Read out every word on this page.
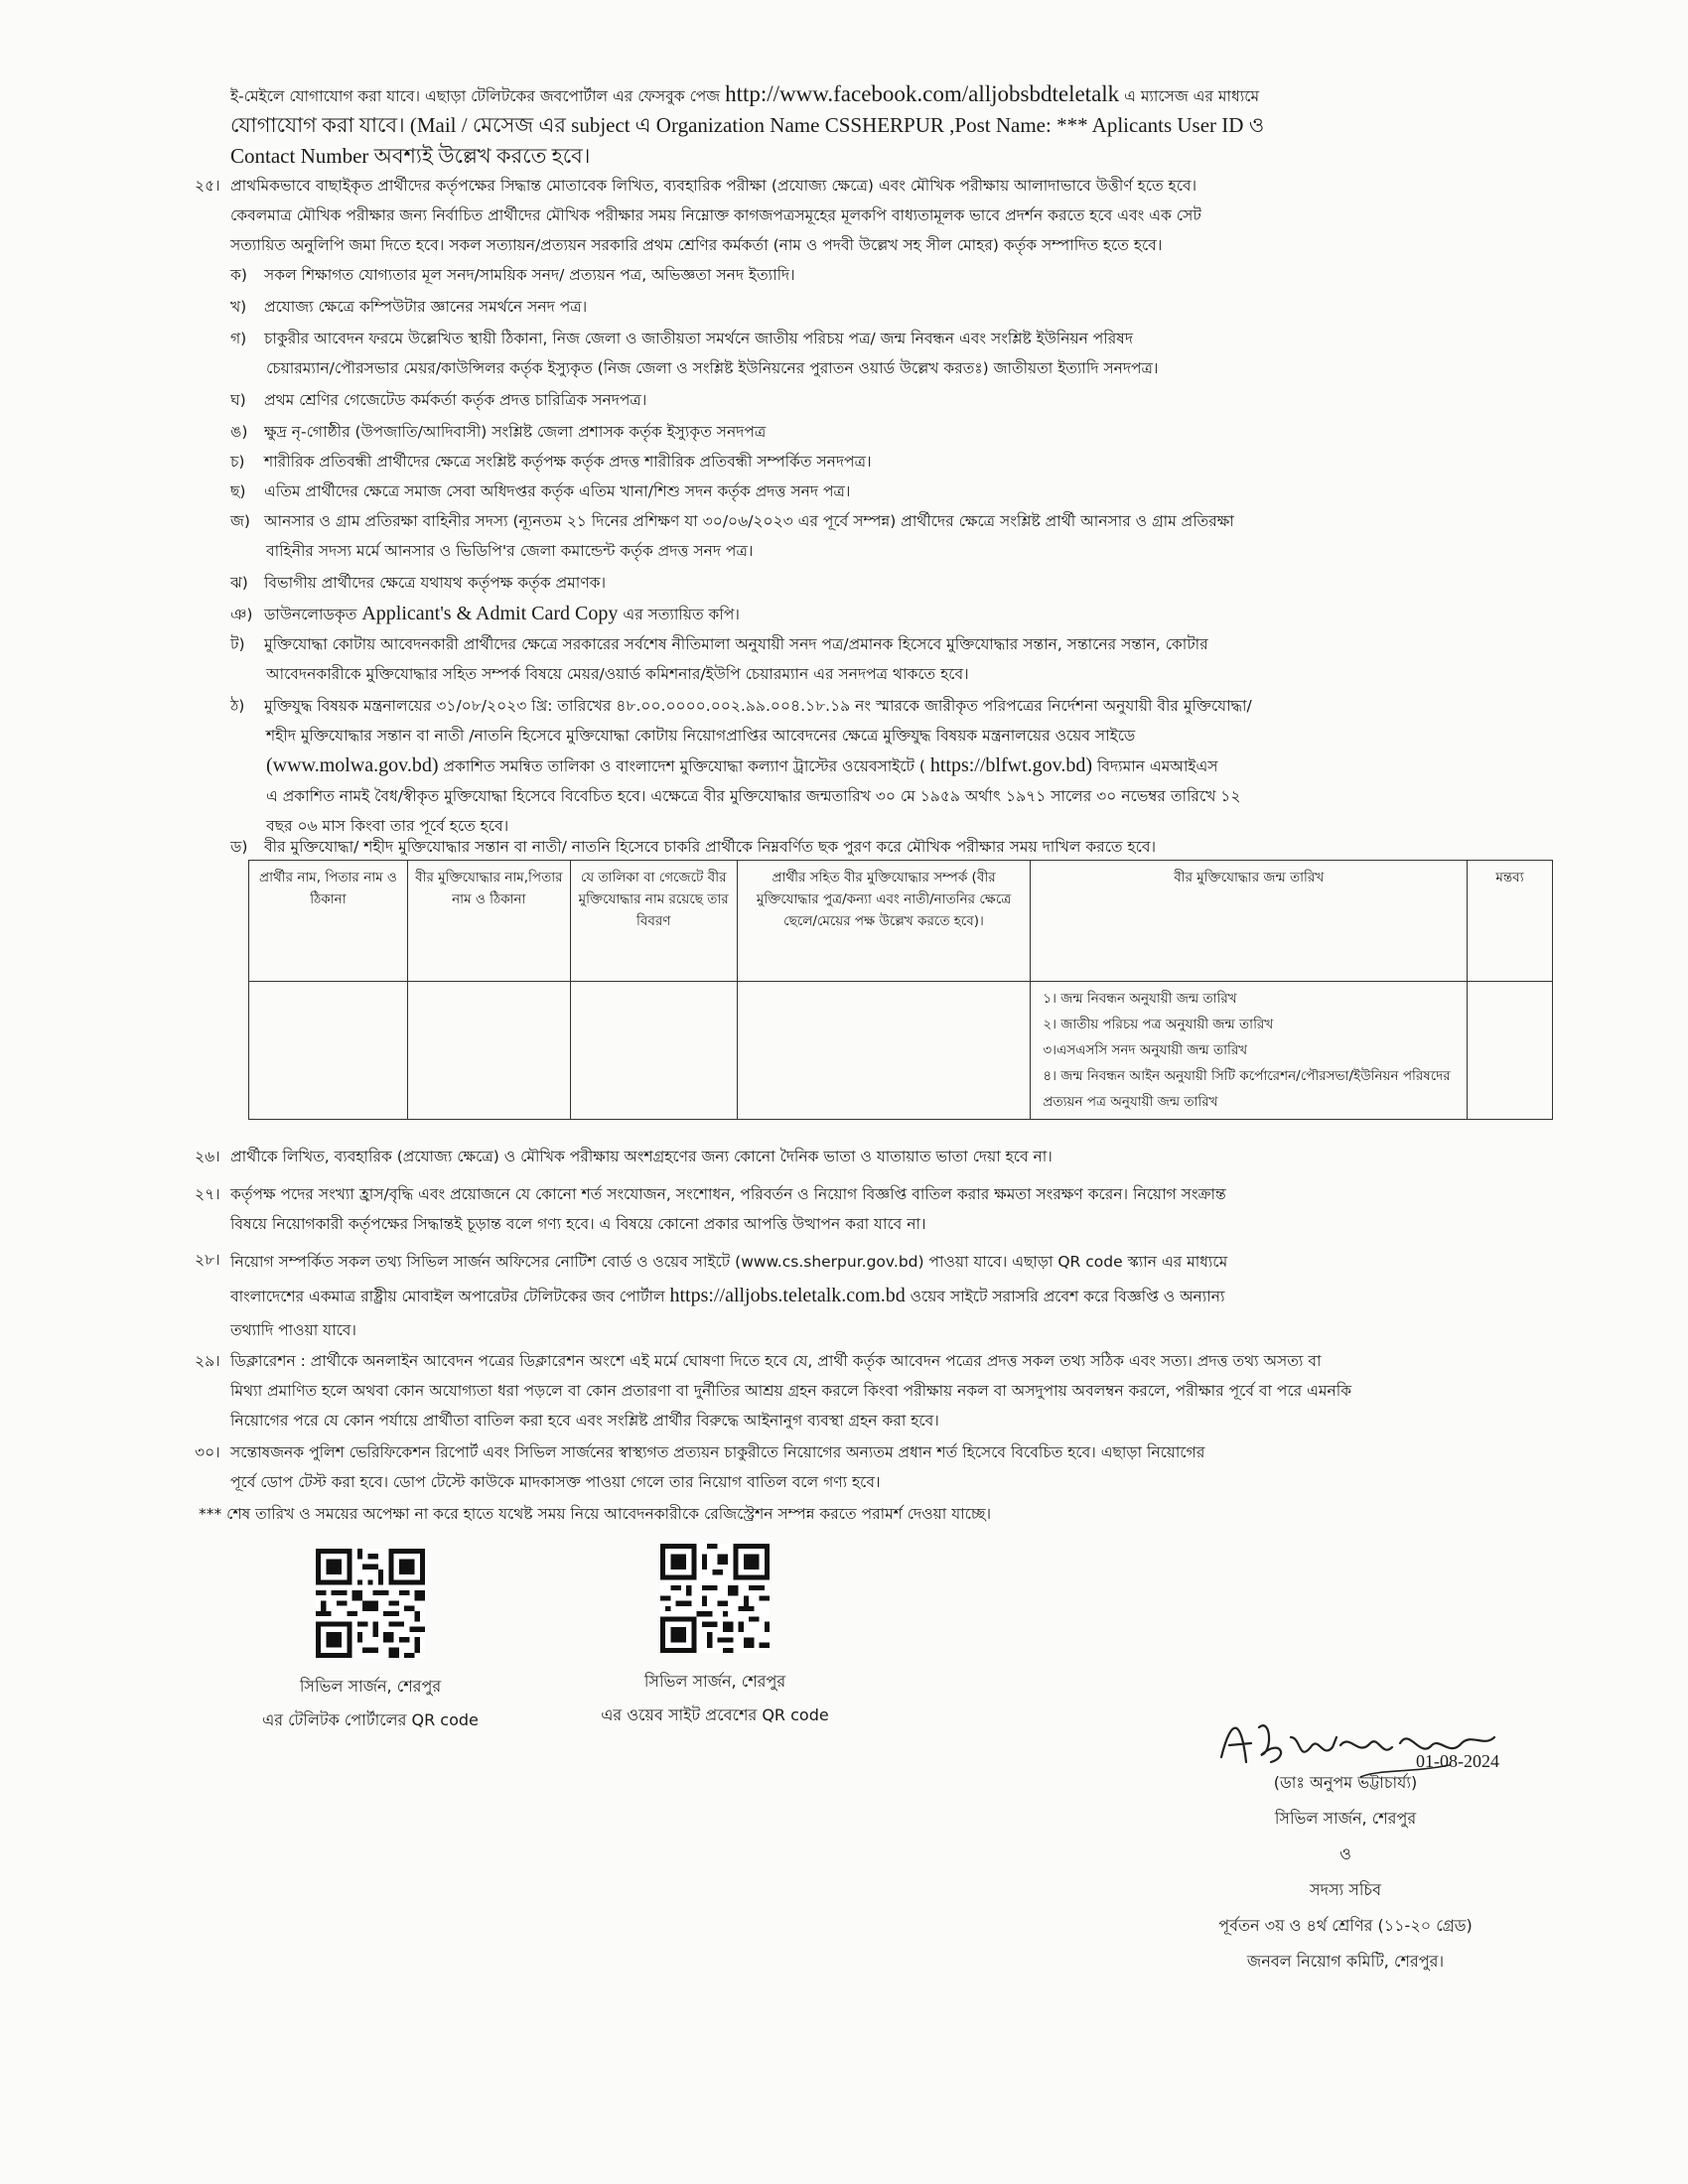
ই-মেইলে যোগাযোগ করা যাবে। এছাড়া টেলিটকের জবপোর্টাল এর ফেসবুক পেজ http://www.facebook.com/alljobsbdteletalk এ ম্যাসেজ এর মাধ্যমে
যোগাযোগ করা যাবে। (Mail / মেসেজ এর subject এ Organization Name CSSHERPUR ,Post Name: *** Aplicants User ID ও
Contact Number অবশ্যই উল্লেখ করতে হবে।
২৫। প্রাথমিকভাবে বাছাইকৃত প্রার্থীদের কর্তৃপক্ষের সিদ্ধান্ত মোতাবেক লিখিত, ব্যবহারিক পরীক্ষা (প্রযোজ্য ক্ষেত্রে) এবং মৌখিক পরীক্ষায় আলাদাভাবে উত্তীর্ণ হতে হবে।
কেবলমাত্র মৌখিক পরীক্ষার জন্য নির্বাচিত প্রার্থীদের মৌখিক পরীক্ষার সময় নিম্নোক্ত কাগজপত্রসমূহের মূলকপি বাধ্যতামূলক ভাবে প্রদর্শন করতে হবে এবং এক সেট
সত্যায়িত অনুলিপি জমা দিতে হবে। সকল সত্যায়ন/প্রত্যয়ন সরকারি প্রথম শ্রেণির কর্মকর্তা (নাম ও পদবী উল্লেখ সহ সীল মোহর) কর্তৃক সম্পাদিত হতে হবে।
ক) সকল শিক্ষাগত যোগ্যতার মূল সনদ/সাময়িক সনদ/ প্রত্যয়ন পত্র, অভিজ্ঞতা সনদ ইত্যাদি।
খ) প্রযোজ্য ক্ষেত্রে কম্পিউটার জ্ঞানের সমর্থনে সনদ পত্র।
গ) চাকুরীর আবেদন ফরমে উল্লেখিত স্থায়ী ঠিকানা, নিজ জেলা ও জাতীয়তা সমর্থনে জাতীয় পরিচয় পত্র/ জন্ম নিবন্ধন এবং সংশ্লিষ্ট ইউনিয়ন পরিষদ
চেয়ারম্যান/পৌরসভার মেয়র/কাউন্সিলর কর্তৃক ইস্যুকৃত (নিজ জেলা ও সংশ্লিষ্ট ইউনিয়নের পুরাতন ওয়ার্ড উল্লেখ করতঃ) জাতীয়তা ইত্যাদি সনদপত্র।
ঘ) প্রথম শ্রেণির গেজেটেড কর্মকর্তা কর্তৃক প্রদত্ত চারিত্রিক সনদপত্র।
ঙ) ক্ষুদ্র নৃ-গোষ্ঠীর (উপজাতি/আদিবাসী) সংশ্লিষ্ট জেলা প্রশাসক কর্তৃক ইস্যুকৃত সনদপত্র
চ) শারীরিক প্রতিবন্ধী প্রার্থীদের ক্ষেত্রে সংশ্লিষ্ট কর্তৃপক্ষ কর্তৃক প্রদত্ত শারীরিক প্রতিবন্ধী সম্পর্কিত সনদপত্র।
ছ) এতিম প্রার্থীদের ক্ষেত্রে সমাজ সেবা অধিদপ্তর কর্তৃক এতিম খানা/শিশু সদন কর্তৃক প্রদত্ত সনদ পত্র।
জ) আনসার ও গ্রাম প্রতিরক্ষা বাহিনীর সদস্য (ন্যূনতম ২১ দিনের প্রশিক্ষণ যা ৩০/০৬/২০২৩ এর পূর্বে সম্পন্ন) প্রার্থীদের ক্ষেত্রে সংশ্লিষ্ট প্রার্থী আনসার ও গ্রাম প্রতিরক্ষা
বাহিনীর সদস্য মর্মে আনসার ও ভিডিপি'র জেলা কমান্ডেন্ট কর্তৃক প্রদত্ত সনদ পত্র।
ঝ) বিভাগীয় প্রার্থীদের ক্ষেত্রে যথাযথ কর্তৃপক্ষ কর্তৃক প্রমাণক।
ঞ) ডাউনলোডকৃত Applicant's & Admit Card Copy এর সত্যায়িত কপি।
ট) মুক্তিযোদ্ধা কোটায় আবেদনকারী প্রার্থীদের ক্ষেত্রে সরকারের সর্বশেষ নীতিমালা অনুযায়ী সনদ পত্র/প্রমানক হিসেবে মুক্তিযোদ্ধার সন্তান, সন্তানের সন্তান, কোটার
আবেদনকারীকে মুক্তিযোদ্ধার সহিত সম্পর্ক বিষয়ে মেয়র/ওয়ার্ড কমিশনার/ইউপি চেয়ারম্যান এর সনদপত্র থাকতে হবে।
ঠ) মুক্তিযুদ্ধ বিষয়ক মন্ত্রনালয়ের ৩১/০৮/২০২৩ খ্রি: তারিখের ৪৮.০০.০০০০.০০২.৯৯.০০৪.১৮.১৯ নং স্মারকে জারীকৃত পরিপত্রের নির্দেশনা অনুযায়ী বীর মুক্তিযোদ্ধা/
শহীদ মুক্তিযোদ্ধার সন্তান বা নাতী /নাতনি হিসেবে মুক্তিযোদ্ধা কোটায় নিয়োগপ্রাপ্তির আবেদনের ক্ষেত্রে মুক্তিযুদ্ধ বিষয়ক মন্ত্রনালয়ের ওয়েব সাইডে
(www.molwa.gov.bd) প্রকাশিত সমন্বিত তালিকা ও বাংলাদেশ মুক্তিযোদ্ধা কল্যাণ ট্রাস্টের ওয়েবসাইটে ( https://blfwt.gov.bd) বিদ্যমান এমআইএস
এ প্রকাশিত নামই বৈধ/স্বীকৃত মুক্তিযোদ্ধা হিসেবে বিবেচিত হবে। এক্ষেত্রে বীর মুক্তিযোদ্ধার জন্মতারিখ ৩০ মে ১৯৫৯ অর্থাৎ ১৯৭১ সালের ৩০ নভেম্বর তারিখে ১২
বছর ০৬ মাস কিংবা তার পূর্বে হতে হবে।
ড) বীর মুক্তিযোদ্ধা/ শহীদ মুক্তিযোদ্ধার সন্তান বা নাতী/ নাতনি হিসেবে চাকরি প্রার্থীকে নিম্নবর্ণিত ছক পুরণ করে মৌখিক পরীক্ষার সময় দাখিল করতে হবে।
প্রার্থীর নাম, পিতার নাম ও ঠিকানা	বীর মুক্তিযোদ্ধার নাম,পিতার নাম ও ঠিকানা	যে তালিকা বা গেজেটে বীর মুক্তিযোদ্ধার নাম রয়েছে তার বিবরণ	প্রার্থীর সহিত বীর মুক্তিযোদ্ধার সম্পর্ক (বীর মুক্তিযোদ্ধার পুত্র/কন্যা এবং নাতী/নাতনির ক্ষেত্রে ছেলে/মেয়ের পক্ষ উল্লেখ করতে হবে)।	বীর মুক্তিযোদ্ধার জন্ম তারিখ	মন্তব্য

				১। জন্ম নিবন্ধন অনুযায়ী জন্ম তারিখ
২। জাতীয় পরিচয় পত্র অনুযায়ী জন্ম তারিখ
৩।এসএসসি সনদ অনুযায়ী জন্ম তারিখ
৪। জন্ম নিবন্ধন আইন অনুযায়ী সিটি কর্পোরেশন/পৌরসভা/ইউনিয়ন পরিষদের প্রত্যয়ন পত্র অনুযায়ী জন্ম তারিখ	

২৬। প্রার্থীকে লিখিত, ব্যবহারিক (প্রযোজ্য ক্ষেত্রে) ও মৌখিক পরীক্ষায় অংশগ্রহণের জন্য কোনো দৈনিক ভাতা ও যাতায়াত ভাতা দেয়া হবে না।
২৭। কর্তৃপক্ষ পদের সংখ্যা হ্রাস/বৃদ্ধি এবং প্রয়োজনে যে কোনো শর্ত সংযোজন, সংশোধন, পরিবর্তন ও নিয়োগ বিজ্ঞপ্তি বাতিল করার ক্ষমতা সংরক্ষণ করেন। নিয়োগ সংক্রান্ত
বিষয়ে নিয়োগকারী কর্তৃপক্ষের সিদ্ধান্তই চূড়ান্ত বলে গণ্য হবে। এ বিষয়ে কোনো প্রকার আপত্তি উত্থাপন করা যাবে না।
২৮। নিয়োগ সম্পর্কিত সকল তথ্য সিভিল সার্জন অফিসের নোটিশ বোর্ড ও ওয়েব সাইটে (www.cs.sherpur.gov.bd) পাওয়া যাবে। এছাড়া QR code স্ক্যান এর মাধ্যমে
বাংলাদেশের একমাত্র রাষ্ট্রীয় মোবাইল অপারেটর টেলিটকের জব পোর্টাল https://alljobs.teletalk.com.bd ওয়েব সাইটে সরাসরি প্রবেশ করে বিজ্ঞপ্তি ও অন্যান্য
তথ্যাদি পাওয়া যাবে।
২৯। ডিক্লারেশন : প্রার্থীকে অনলাইন আবেদন পত্রের ডিক্লারেশন অংশে এই মর্মে ঘোষণা দিতে হবে যে, প্রার্থী কর্তৃক আবেদন পত্রের প্রদত্ত সকল তথ্য সঠিক এবং সত্য। প্রদত্ত তথ্য অসত্য বা
মিথ্যা প্রমাণিত হলে অথবা কোন অযোগ্যতা ধরা পড়লে বা কোন প্রতারণা বা দুর্নীতির আশ্রয় গ্রহন করলে কিংবা পরীক্ষায় নকল বা অসদুপায় অবলম্বন করলে, পরীক্ষার পূর্বে বা পরে এমনকি
নিয়োগের পরে যে কোন পর্যায়ে প্রার্থীতা বাতিল করা হবে এবং সংশ্লিষ্ট প্রার্থীর বিরুদ্ধে আইনানুগ ব্যবস্থা গ্রহন করা হবে।
৩০। সন্তোষজনক পুলিশ ভেরিফিকেশন রিপোর্ট এবং সিভিল সার্জনের স্বাস্থ্যগত প্রত্যয়ন চাকুরীতে নিয়োগের অন্যতম প্রধান শর্ত হিসেবে বিবেচিত হবে। এছাড়া নিয়োগের
পূর্বে ডোপ টেস্ট করা হবে। ডোপ টেস্টে কাউকে মাদকাসক্ত পাওয়া গেলে তার নিয়োগ বাতিল বলে গণ্য হবে।
*** শেষ তারিখ ও সময়ের অপেক্ষা না করে হাতে যথেষ্ট সময় নিয়ে আবেদনকারীকে রেজিস্ট্রেশন সম্পন্ন করতে পরামর্শ দেওয়া যাচ্ছে।
সিভিল সার্জন, শেরপুর
এর টেলিটক পোর্টালের QR code
সিভিল সার্জন, শেরপুর
এর ওয়েব সাইট প্রবেশের QR code
01-08-2024
(ডাঃ অনুপম ভট্টাচার্য্য)
সিভিল সার্জন, শেরপুর
ও
সদস্য সচিব
পূর্বতন ৩য় ও ৪র্থ শ্রেণির (১১-২০ গ্রেড)
জনবল নিয়োগ কমিটি, শেরপুর।
